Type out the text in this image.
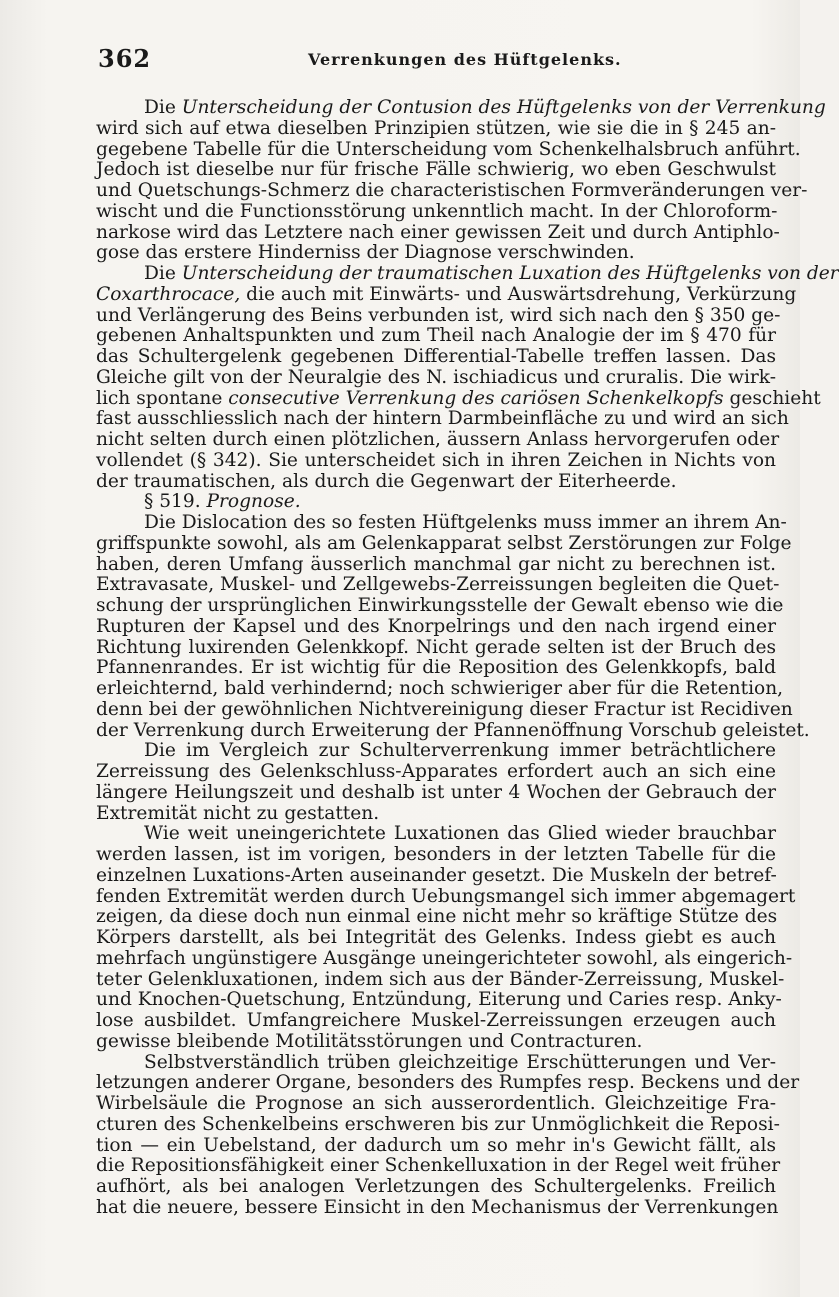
362	Verrenkungen des Hüftgelenks.
Die Unterscheidung der Contusion des Hüftgelenks von der Verrenkung
wird sich auf etwa dieselben Prinzipien stützen, wie sie die in § 245 an-
gegebene Tabelle für die Unterscheidung vom Schenkelhalsbruch anführt.
Jedoch ist dieselbe nur für frische Fälle schwierig, wo eben Geschwulst
und Quetschungs-Schmerz die characteristischen Formveränderungen ver-
wischt und die Functionsstörung unkenntlich macht. In der Chloroform-
narkose wird das Letztere nach einer gewissen Zeit und durch Antiphlo-
gose das erstere Hinderniss der Diagnose verschwinden.
Die Unterscheidung der traumatischen Luxation des Hüftgelenks von der
Coxarthrocace, die auch mit Einwärts- und Auswärtsdrehung, Verkürzung
und Verlängerung des Beins verbunden ist, wird sich nach den § 350 ge-
gebenen Anhaltspunkten und zum Theil nach Analogie der im § 470 für
das Schultergelenk gegebenen Differential-Tabelle treffen lassen. Das
Gleiche gilt von der Neuralgie des N. ischiadicus und cruralis. Die wirk-
lich spontane consecutive Verrenkung des cariösen Schenkelkopfs geschieht
fast ausschliesslich nach der hintern Darmbeinfläche zu und wird an sich
nicht selten durch einen plötzlichen, äussern Anlass hervorgerufen oder
vollendet (§ 342). Sie unterscheidet sich in ihren Zeichen in Nichts von
der traumatischen, als durch die Gegenwart der Eiterheerde.
§ 519. Prognose.
Die Dislocation des so festen Hüftgelenks muss immer an ihrem An-
griffspunkte sowohl, als am Gelenkapparat selbst Zerstörungen zur Folge
haben, deren Umfang äusserlich manchmal gar nicht zu berechnen ist.
Extravasate, Muskel- und Zellgewebs-Zerreissungen begleiten die Quet-
schung der ursprünglichen Einwirkungsstelle der Gewalt ebenso wie die
Rupturen der Kapsel und des Knorpelrings und den nach irgend einer
Richtung luxirenden Gelenkkopf. Nicht gerade selten ist der Bruch des
Pfannenrandes. Er ist wichtig für die Reposition des Gelenkkopfs, bald
erleichternd, bald verhindernd; noch schwieriger aber für die Retention,
denn bei der gewöhnlichen Nichtvereinigung dieser Fractur ist Recidiven
der Verrenkung durch Erweiterung der Pfannenöffnung Vorschub geleistet.
Die im Vergleich zur Schulterverrenkung immer beträchtlichere
Zerreissung des Gelenkschluss-Apparates erfordert auch an sich eine
längere Heilungszeit und deshalb ist unter 4 Wochen der Gebrauch der
Extremität nicht zu gestatten.
Wie weit uneingerichtete Luxationen das Glied wieder brauchbar
werden lassen, ist im vorigen, besonders in der letzten Tabelle für die
einzelnen Luxations-Arten auseinander gesetzt. Die Muskeln der betref-
fenden Extremität werden durch Uebungsmangel sich immer abgemagert
zeigen, da diese doch nun einmal eine nicht mehr so kräftige Stütze des
Körpers darstellt, als bei Integrität des Gelenks. Indess giebt es auch
mehrfach ungünstigere Ausgänge uneingerichteter sowohl, als eingerich-
teter Gelenkluxationen, indem sich aus der Bänder-Zerreissung, Muskel-
und Knochen-Quetschung, Entzündung, Eiterung und Caries resp. Anky-
lose ausbildet. Umfangreichere Muskel-Zerreissungen erzeugen auch
gewisse bleibende Motilitätsstörungen und Contracturen.
Selbstverständlich trüben gleichzeitige Erschütterungen und Ver-
letzungen anderer Organe, besonders des Rumpfes resp. Beckens und der
Wirbelsäule die Prognose an sich ausserordentlich. Gleichzeitige Fra-
cturen des Schenkelbeins erschweren bis zur Unmöglichkeit die Reposi-
tion — ein Uebelstand, der dadurch um so mehr in's Gewicht fällt, als
die Repositionsfähigkeit einer Schenkelluxation in der Regel weit früher
aufhört, als bei analogen Verletzungen des Schultergelenks. Freilich
hat die neuere, bessere Einsicht in den Mechanismus der Verrenkungen
